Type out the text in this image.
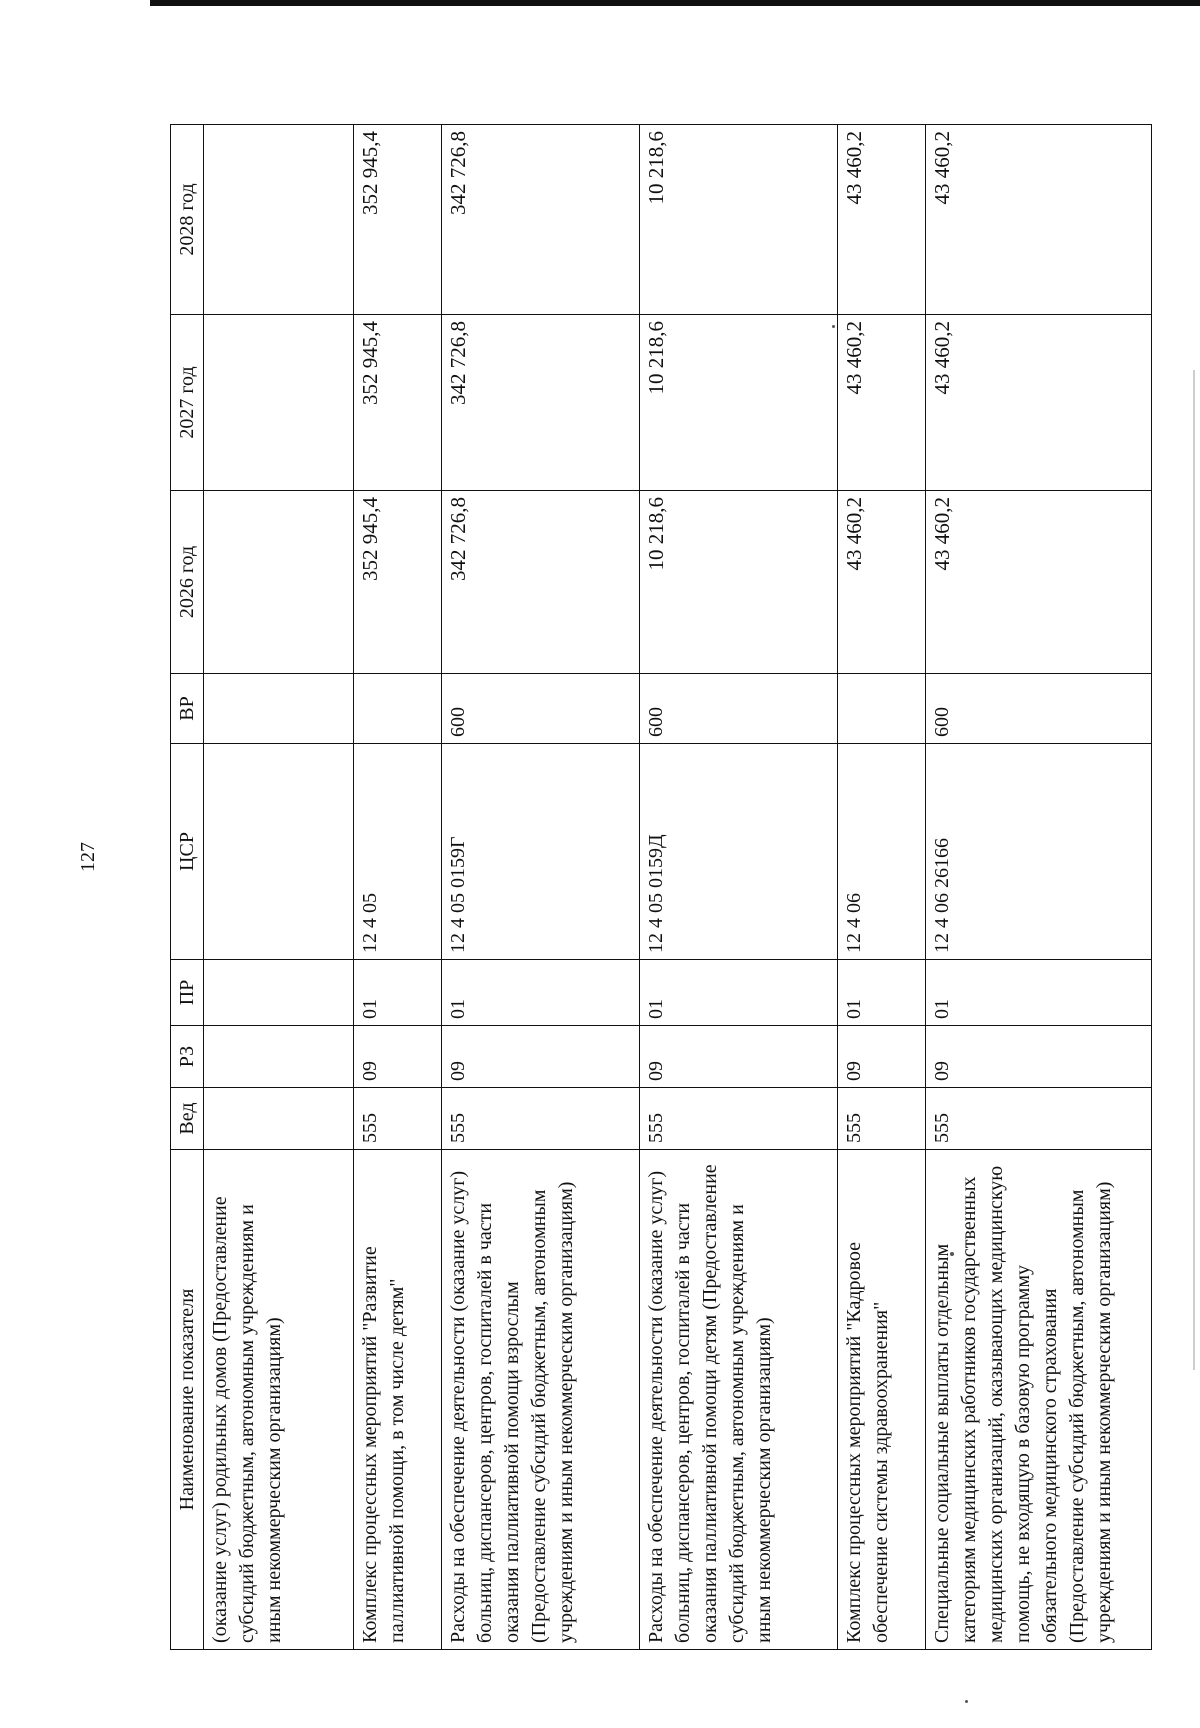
127
Наименование показателя	Вед	РЗ	ПР	ЦСР	ВР	2026 год	2027 год	2028 год
(оказание услуг) родильных домов (Предоставление субсидий бюджетным, автономным учреждениям и иным некоммерческим организациям)								
Комплекс процессных мероприятий "Развитие паллиативной помощи, в том числе детям"	555	09	01	12 4 05		352 945,4	352 945,4	352 945,4
Расходы на обеспечение деятельности (оказание услуг) больниц, диспансеров, центров, госпиталей в части оказания паллиативной помощи взрослым (Предоставление субсидий бюджетным, автономным учреждениям и иным некоммерческим организациям)	555	09	01	12 4 05 0159Г	600	342 726,8	342 726,8	342 726,8
Расходы на обеспечение деятельности (оказание услуг) больниц, диспансеров, центров, госпиталей в части оказания паллиативной помощи детям (Предоставление субсидий бюджетным, автономным учреждениям и иным некоммерческим организациям)	555	09	01	12 4 05 0159Д	600	10 218,6	10 218,6	10 218,6
Комплекс процессных мероприятий "Кадровое обеспечение системы здравоохранения"	555	09	01	12 4 06		43 460,2	43 460,2	43 460,2
Специальные социальные выплаты отдельным категориям медицинских работников государственных медицинских организаций, оказывающих медицинскую помощь, не входящую в базовую программу обязательного медицинского страхования (Предоставление субсидий бюджетным, автономным учреждениям и иным некоммерческим организациям)	555	09	01	12 4 06 26166	600	43 460,2	43 460,2	43 460,2
